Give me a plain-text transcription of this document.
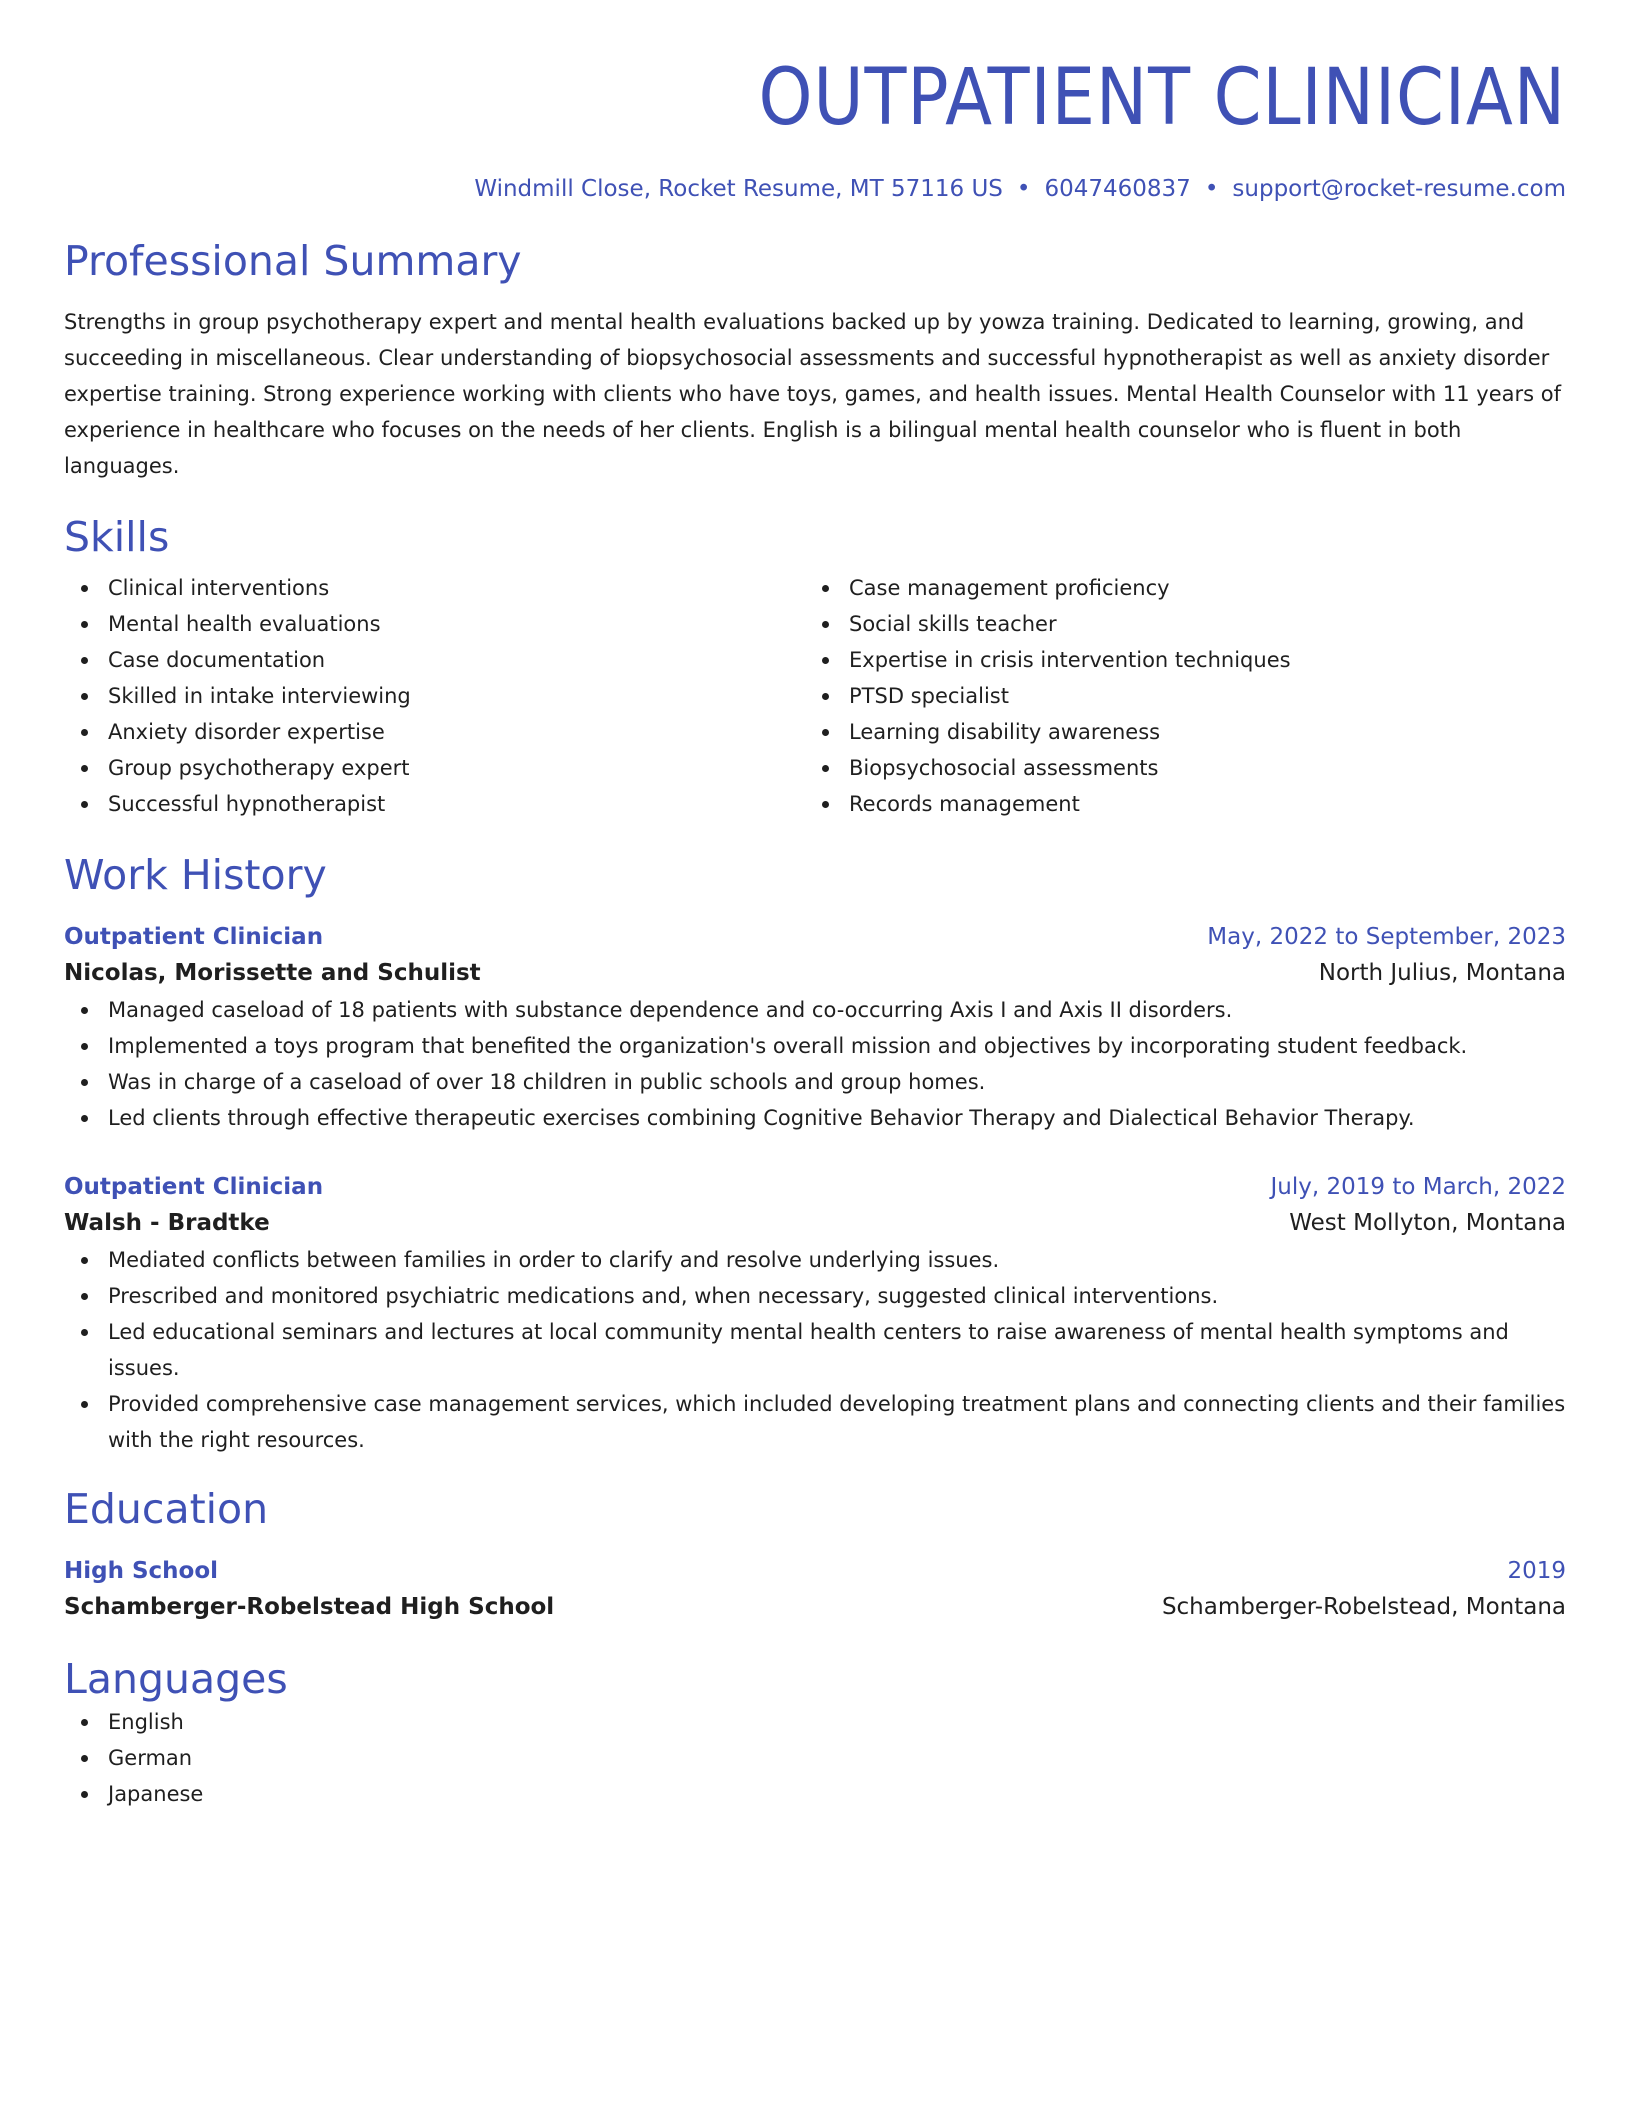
OUTPATIENT CLINICIAN
Windmill Close, Rocket Resume, MT 57116 US • 6047460837 • support@rocket-resume.com
Professional Summary

Strengths in group psychotherapy expert and mental health evaluations backed up by yowza training. Dedicated to learning, growing, and succeeding in miscellaneous. Clear understanding of biopsychosocial assessments and successful hypnotherapist as well as anxiety disorder expertise training. Strong experience working with clients who have toys, games, and health issues. Mental Health Counselor with 11 years of experience in healthcare who focuses on the needs of her clients. English is a bilingual mental health counselor who is fluent in both languages.

Skills
Clinical interventions
Mental health evaluations
Case documentation
Skilled in intake interviewing
Anxiety disorder expertise
Group psychotherapy expert
Successful hypnotherapist
Case management proficiency
Social skills teacher
Expertise in crisis intervention techniques
PTSD specialist
Learning disability awareness
Biopsychosocial assessments
Records management
Work History
Outpatient Clinician	May, 2022 to September, 2023
Nicolas, Morissette and Schulist	North Julius, Montana
Managed caseload of 18 patients with substance dependence and co-occurring Axis I and Axis II disorders.
Implemented a toys program that benefited the organization's overall mission and objectives by incorporating student feedback.
Was in charge of a caseload of over 18 children in public schools and group homes.
Led clients through effective therapeutic exercises combining Cognitive Behavior Therapy and Dialectical Behavior Therapy.
Outpatient Clinician	July, 2019 to March, 2022
Walsh - Bradtke	West Mollyton, Montana
Mediated conflicts between families in order to clarify and resolve underlying issues.
Prescribed and monitored psychiatric medications and, when necessary, suggested clinical interventions.
Led educational seminars and lectures at local community mental health centers to raise awareness of mental health symptoms and issues.
Provided comprehensive case management services, which included developing treatment plans and connecting clients and their families with the right resources.
Education
High School	2019
Schamberger-Robelstead High School	Schamberger-Robelstead, Montana
Languages
English
German
Japanese
